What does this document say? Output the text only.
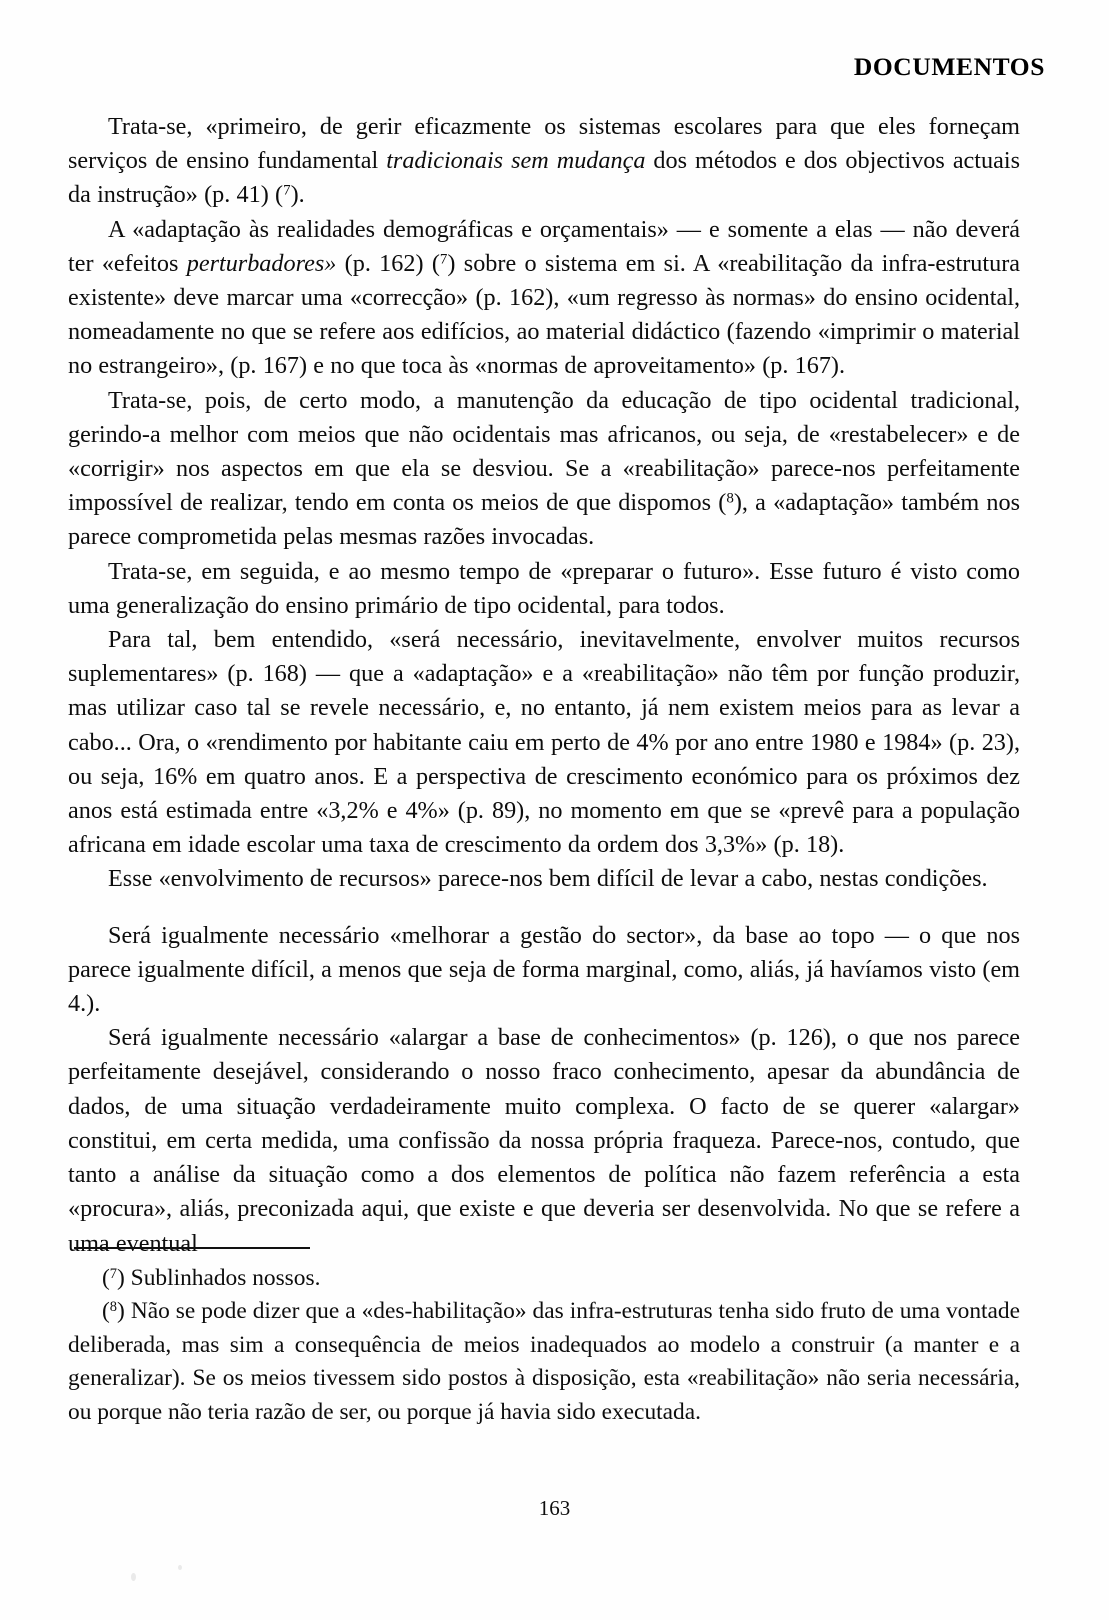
DOCUMENTOS

Trata-se, «primeiro, de gerir eficazmente os sistemas escolares para que eles forneçam serviços de ensino fundamental tradicionais sem mudança dos métodos e dos objectivos actuais da instrução» (p. 41) ($^7$).

A «adaptação às realidades demográficas e orçamentais» — e somente a elas — não deverá ter «efeitos perturbadores» (p. 162) ($^7$) sobre o sistema em si. A «reabilitação da infra-estrutura existente» deve marcar uma «correcção» (p. 162), «um regresso às normas» do ensino ocidental, nomeadamente no que se refere aos edifícios, ao material didáctico (fazendo «imprimir o material no estrangeiro», (p. 167) e no que toca às «normas de aproveitamento» (p. 167).

Trata-se, pois, de certo modo, a manutenção da educação de tipo ocidental tradicional, gerindo-a melhor com meios que não ocidentais mas africanos, ou seja, de «restabelecer» e de «corrigir» nos aspectos em que ela se desviou. Se a «reabilitação» parece-nos perfeitamente impossível de realizar, tendo em conta os meios de que dispomos ($^8$), a «adaptação» também nos parece comprometida pelas mesmas razões invocadas.

Trata-se, em seguida, e ao mesmo tempo de «preparar o futuro». Esse futuro é visto como uma generalização do ensino primário de tipo ocidental, para todos.

Para tal, bem entendido, «será necessário, inevitavelmente, envolver muitos recursos suplementares» (p. 168) — que a «adaptação» e a «reabilitação» não têm por função produzir, mas utilizar caso tal se revele necessário, e, no entanto, já nem existem meios para as levar a cabo... Ora, o «rendimento por habitante caiu em perto de 4% por ano entre 1980 e 1984» (p. 23), ou seja, 16% em quatro anos. E a perspectiva de crescimento económico para os próximos dez anos está estimada entre «3,2% e 4%» (p. 89), no momento em que se «prevê para a população africana em idade escolar uma taxa de crescimento da ordem dos 3,3%» (p. 18).

Esse «envolvimento de recursos» parece-nos bem difícil de levar a cabo, nestas condições.

Será igualmente necessário «melhorar a gestão do sector», da base ao topo — o que nos parece igualmente difícil, a menos que seja de forma marginal, como, aliás, já havíamos visto (em 4.).

Será igualmente necessário «alargar a base de conhecimentos» (p. 126), o que nos parece perfeitamente desejável, considerando o nosso fraco conhecimento, apesar da abundância de dados, de uma situação verdadeiramente muito complexa. O facto de se querer «alargar» constitui, em certa medida, uma confissão da nossa própria fraqueza. Parece-nos, contudo, que tanto a análise da situação como a dos elementos de política não fazem referência a esta «procura», aliás, preconizada aqui, que existe e que deveria ser desenvolvida. No que se refere a uma eventual

($^7$) Sublinhados nossos.

($^8$) Não se pode dizer que a «des-habilitação» das infra-estruturas tenha sido fruto de uma vontade deliberada, mas sim a consequência de meios inadequados ao modelo a construir (a manter e a generalizar). Se os meios tivessem sido postos à disposição, esta «reabilitação» não seria necessária, ou porque não teria razão de ser, ou porque já havia sido executada.

163
